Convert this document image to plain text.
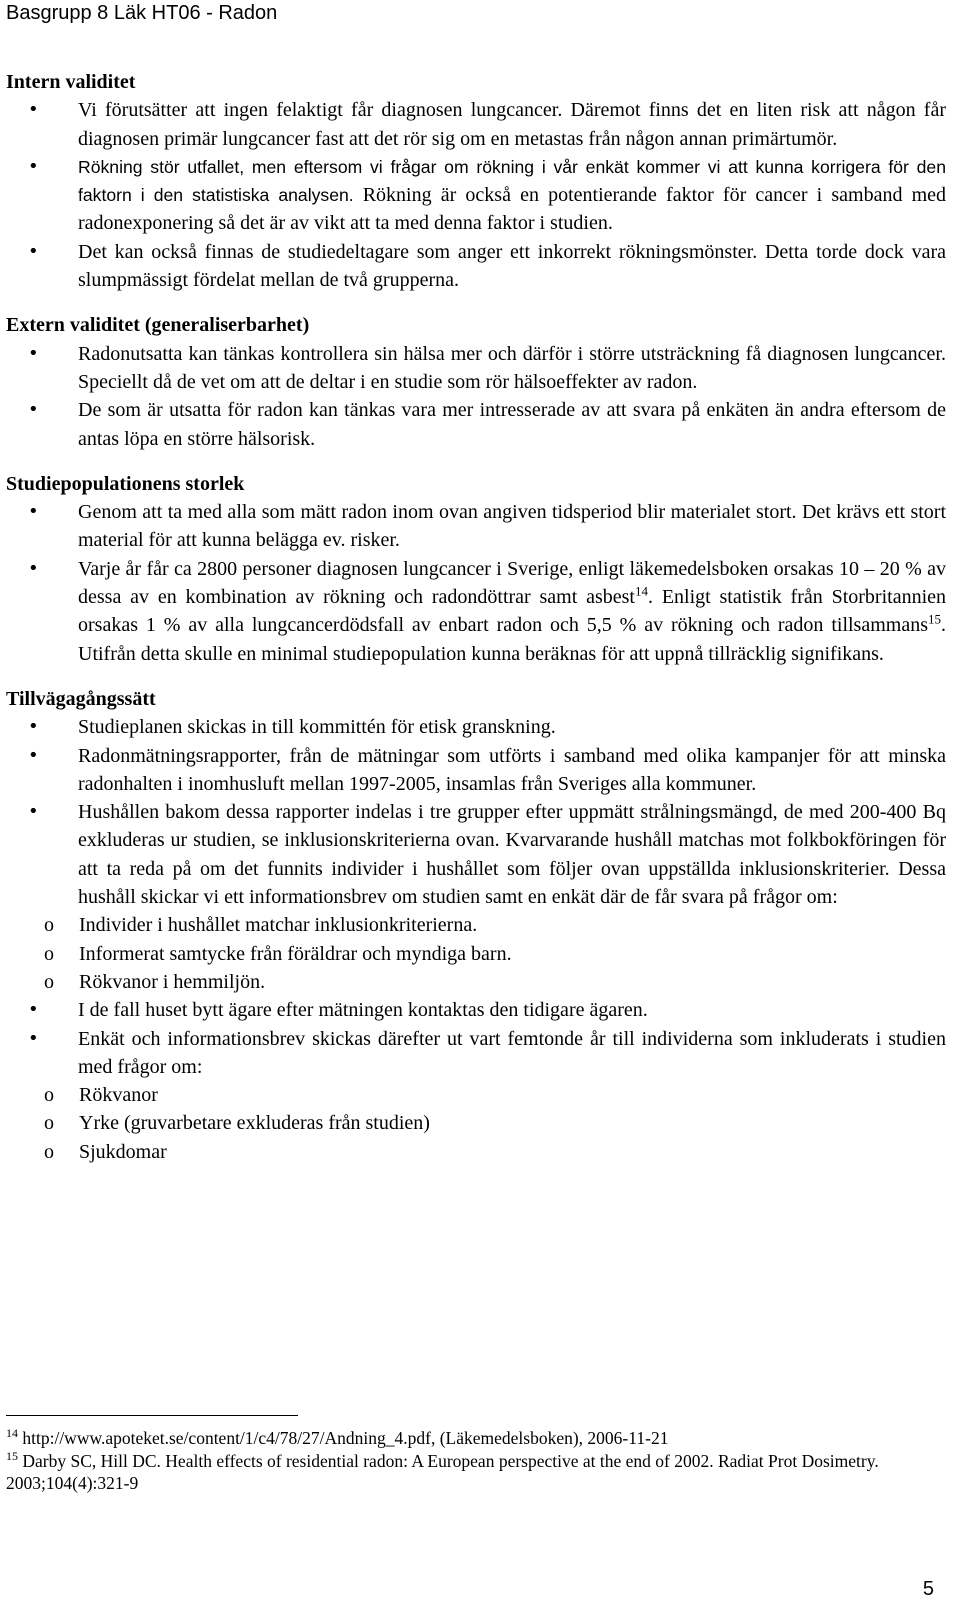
Basgrupp 8 Läk HT06 - Radon

Intern validitet

• Vi förutsätter att ingen felaktigt får diagnosen lungcancer. Däremot finns det en liten risk att någon får diagnosen primär lungcancer fast att det rör sig om en metastas från någon annan primärtumör.
• Rökning stör utfallet, men eftersom vi frågar om rökning i vår enkät kommer vi att kunna korrigera för den faktorn i den statistiska analysen. Rökning är också en potentierande faktor för cancer i samband med radonexponering så det är av vikt att ta med denna faktor i studien.
• Det kan också finnas de studiedeltagare som anger ett inkorrekt rökningsmönster. Detta torde dock vara slumpmässigt fördelat mellan de två grupperna.

Extern validitet (generaliserbarhet)

• Radonutsatta kan tänkas kontrollera sin hälsa mer och därför i större utsträckning få diagnosen lungcancer. Speciellt då de vet om att de deltar i en studie som rör hälsoeffekter av radon.
• De som är utsatta för radon kan tänkas vara mer intresserade av att svara på enkäten än andra eftersom de antas löpa en större hälsorisk.

Studiepopulationens storlek

• Genom att ta med alla som mätt radon inom ovan angiven tidsperiod blir materialet stort. Det krävs ett stort material för att kunna belägga ev. risker.
• Varje år får ca 2800 personer diagnosen lungcancer i Sverige, enligt läkemedelsboken orsakas 10 – 20 % av dessa av en kombination av rökning och radondöttrar samt asbest$^{14}$. Enligt statistik från Storbritannien orsakas 1 % av alla lungcancerdödsfall av enbart radon och 5,5 % av rökning och radon tillsammans$^{15}$. Utifrån detta skulle en minimal studiepopulation kunna beräknas för att uppnå tillräcklig signifikans.

Tillvägagångssätt

• Studieplanen skickas in till kommittén för etisk granskning.
• Radonmätningsrapporter, från de mätningar som utförts i samband med olika kampanjer för att minska radonhalten i inomhusluft mellan 1997-2005, insamlas från Sveriges alla kommuner.
• Hushållen bakom dessa rapporter indelas i tre grupper efter uppmätt strålningsmängd, de med 200-400 Bq exkluderas ur studien, se inklusionskriterierna ovan. Kvarvarande hushåll matchas mot folkbokföringen för att ta reda på om det funnits individer i hushållet som följer ovan uppställda inklusionskriterier. Dessa hushåll skickar vi ett informationsbrev om studien samt en enkät där de får svara på frågor om:
o Individer i hushållet matchar inklusionkriterierna.
o Informerat samtycke från föräldrar och myndiga barn.
o Rökvanor i hemmiljön.
• I de fall huset bytt ägare efter mätningen kontaktas den tidigare ägaren.
• Enkät och informationsbrev skickas därefter ut vart femtonde år till individerna som inkluderats i studien med frågor om:
o Rökvanor
o Yrke (gruvarbetare exkluderas från studien)
o Sjukdomar
$^{14}$ http://www.apoteket.se/content/1/c4/78/27/Andning_4.pdf, (Läkemedelsboken), 2006-11-21
$^{15}$ Darby SC, Hill DC. Health effects of residential radon: A European perspective at the end of 2002. Radiat Prot Dosimetry. 2003;104(4):321-9
5
